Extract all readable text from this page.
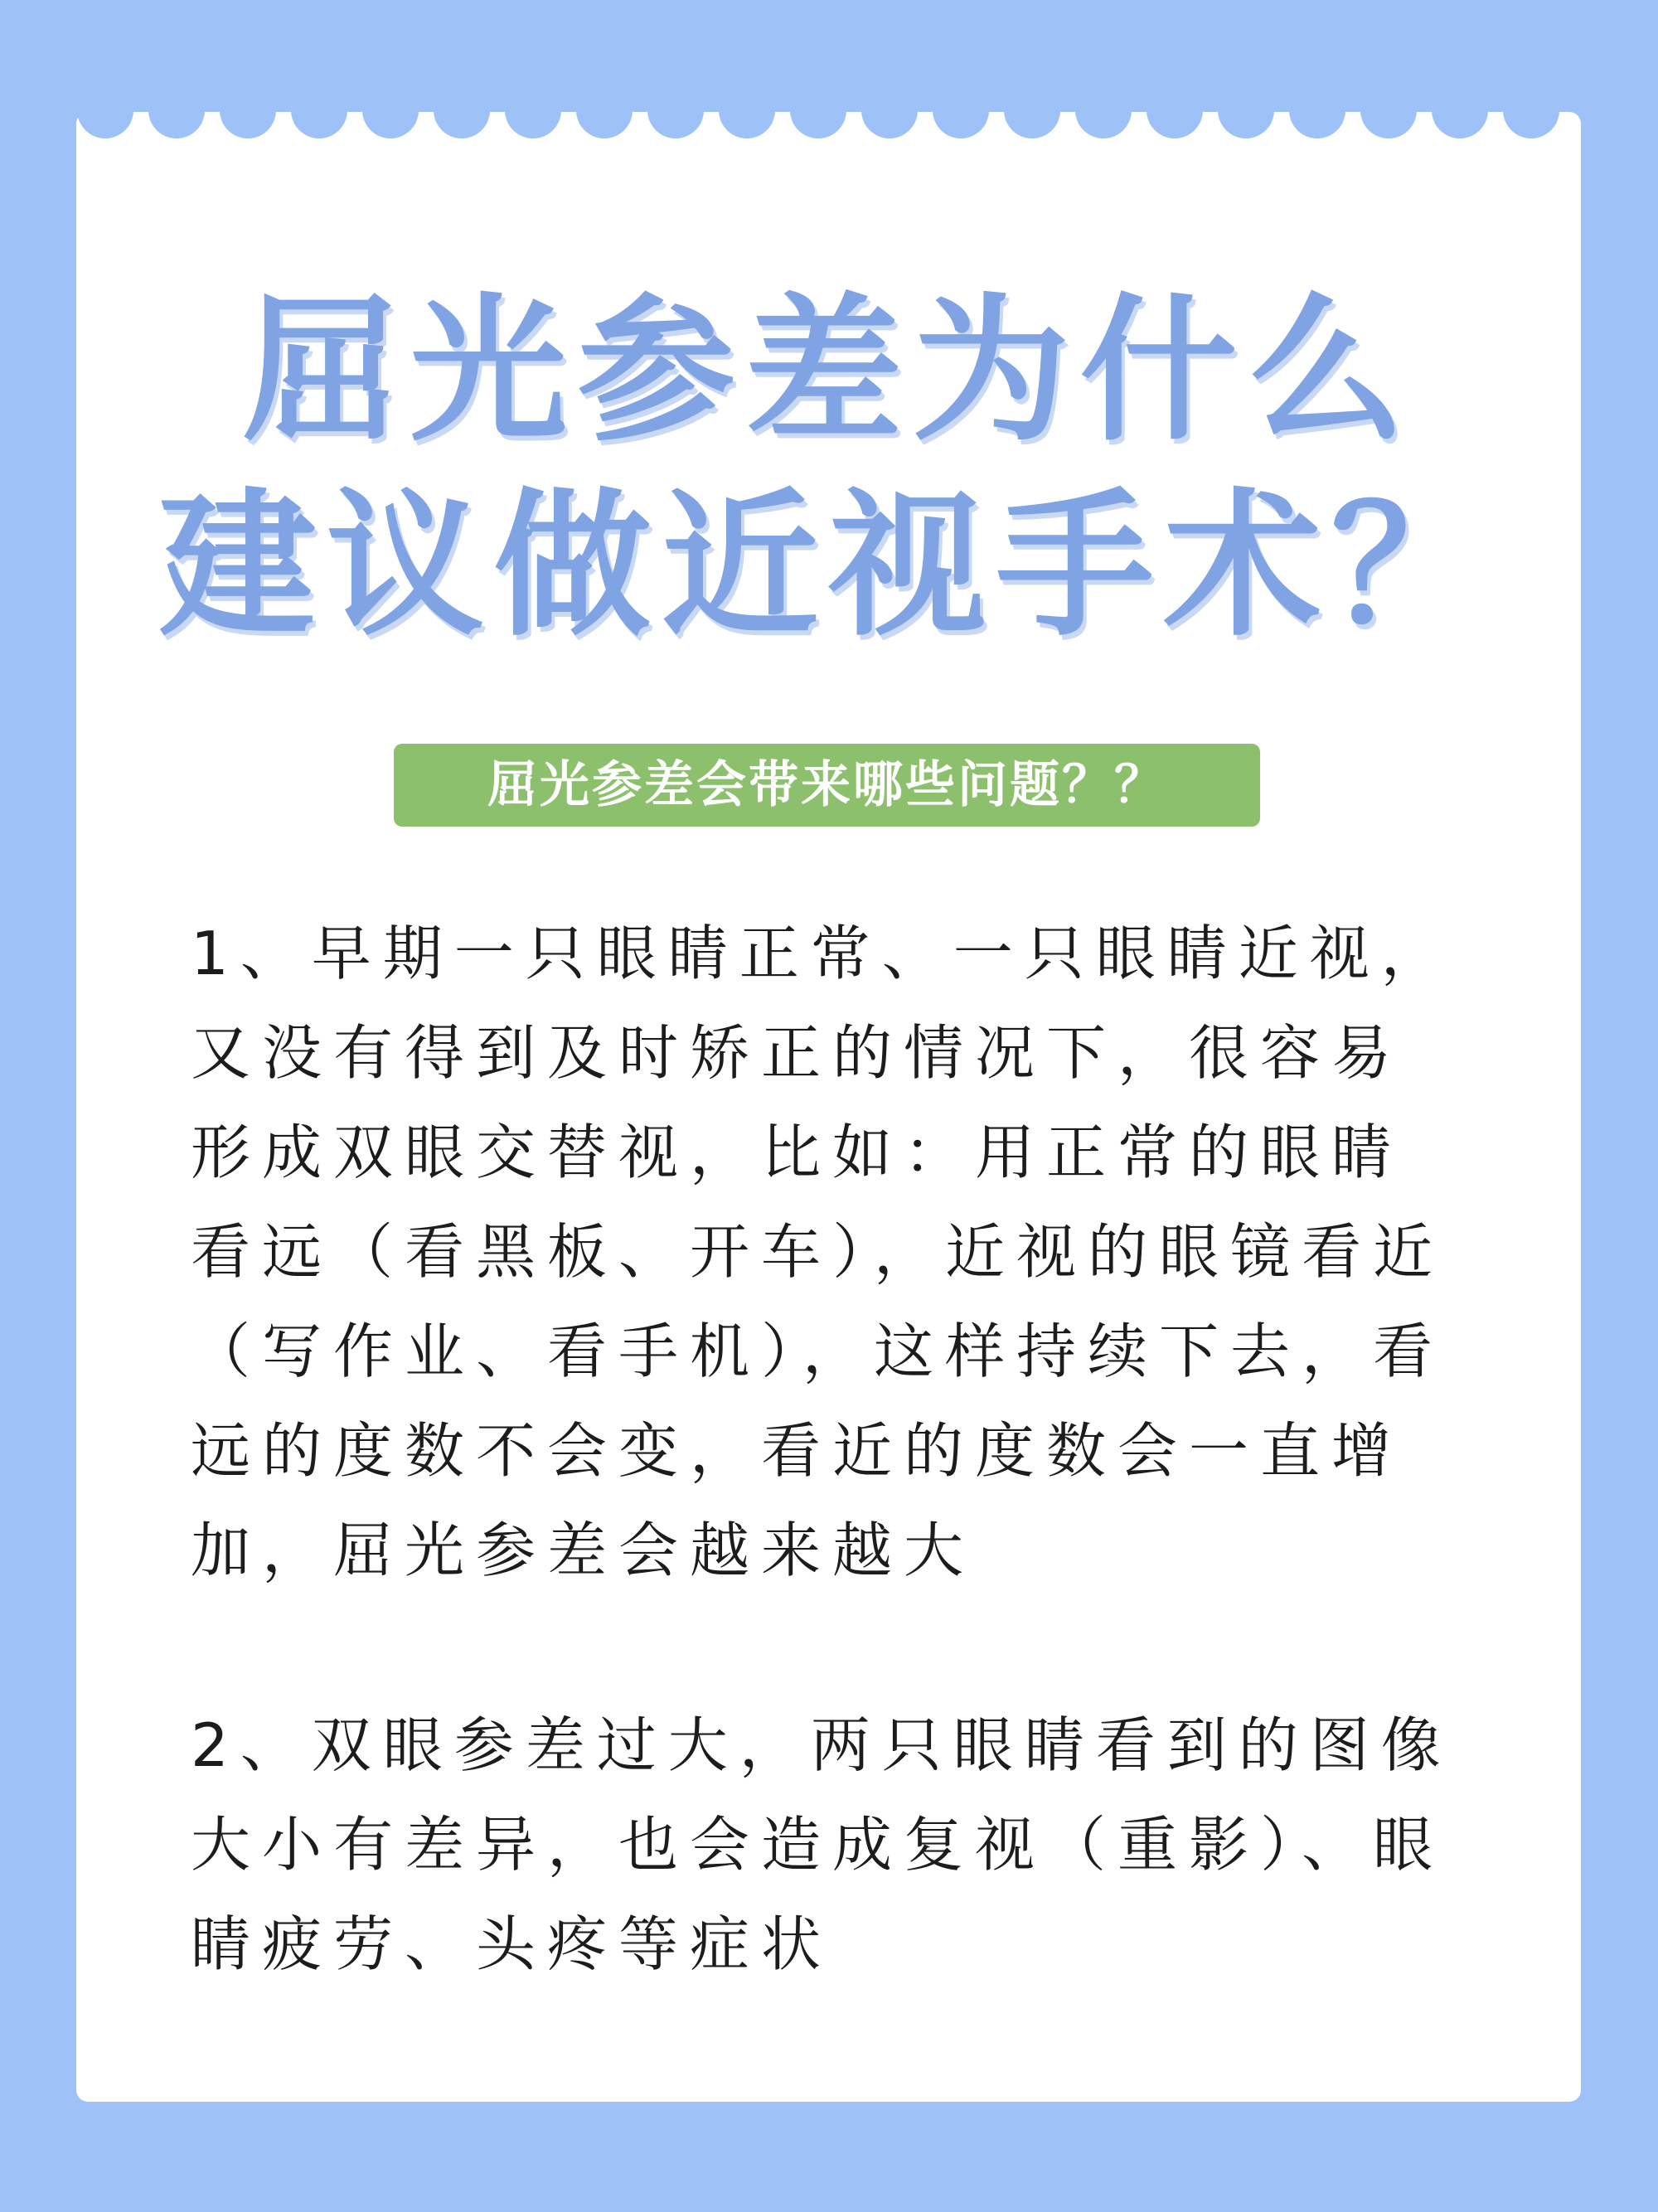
屈光参差为什么
建议做近视手术？
屈光参差会带来哪些问题？？
1、早期一只眼睛正常、一只眼睛近视，
又没有得到及时矫正的情况下，很容易
形成双眼交替视，比如：用正常的眼睛
看远（看黑板、开车），近视的眼镜看近
（写作业、看手机），这样持续下去，看
远的度数不会变，看近的度数会一直增
加，屈光参差会越来越大
2、双眼参差过大，两只眼睛看到的图像
大小有差异，也会造成复视（重影）、眼
睛疲劳、头疼等症状
